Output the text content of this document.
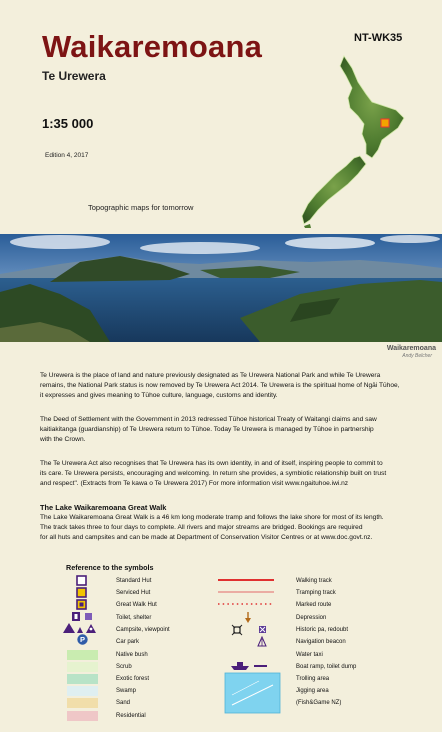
Waikaremoana
Te Urewera
NT-WK35
1:35 000
Edition 4, 2017
Topographic maps for tomorrow
Waikaremoana
Andy Belcher
Te Urewera is the place of land and nature previously designated as Te Urewera National Park and while Te Urewera
remains, the National Park status is now removed by Te Urewera Act 2014. Te Urewera is the spiritual home of Ngāi Tūhoe,
it expresses and gives meaning to Tūhoe culture, language, customs and identity.
The Deed of Settlement with the Government in 2013 redressed Tūhoe historical Treaty of Waitangi claims and saw
kaitiakitanga (guardianship) of Te Urewera return to Tūhoe. Today Te Urewera is managed by Tūhoe in partnership
with the Crown.
The Te Urewera Act also recognises that Te Urewera has its own identity, in and of itself, inspiring people to commit to
its care. Te Urewera persists, encouraging and welcoming. In return she provides, a symbiotic relationship built on trust
and respect". (Extracts from Te kawa o Te Urewera 2017) For more information visit www.ngaituhoe.iwi.nz
The Lake Waikaremoana Great Walk
The Lake Waikaremoana Great Walk is a 46 km long moderate tramp and follows the lake shore for most of its length.
The track takes three to four days to complete. All rivers and major streams are bridged. Bookings are required
for all huts and campsites and can be made at Department of Conservation Visitor Centres or at www.doc.govt.nz.
Reference to the symbols
Standard Hut
Serviced Hut
Great Walk Hut
Toilet, shelter
Campsite, viewpoint
Car park
Native bush
Scrub
Exotic forest
Swamp
Sand
Residential
P
Walking track
Tramping track
Marked route
Depression
Historic pa, redoubt
Navigation beacon
Water taxi
Boat ramp, toilet dump
Trolling area
Jigging area
(Fish&Game NZ)
